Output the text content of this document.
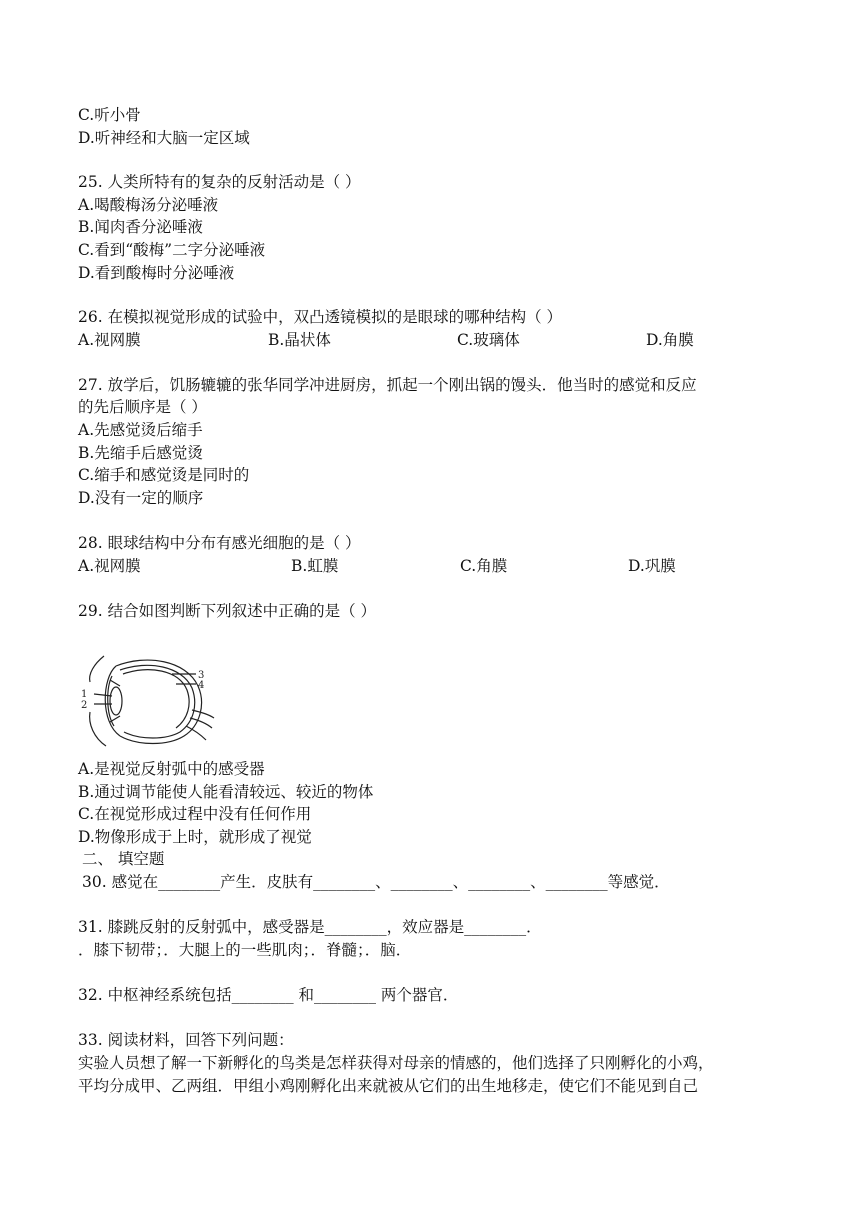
C.听小骨
D.听神经和大脑一定区域
25. 人类所特有的复杂的反射活动是（ ）
A.喝酸梅汤分泌唾液
B.闻肉香分泌唾液
C.看到“酸梅”二字分泌唾液
D.看到酸梅时分泌唾液
26. 在模拟视觉形成的试验中，双凸透镜模拟的是眼球的哪种结构（ ）
A.视网膜	B.晶状体	C.玻璃体	D.角膜
27. 放学后，饥肠辘辘的张华同学冲进厨房，抓起一个刚出锅的馒头．他当时的感觉和反应
的先后顺序是（ ）
A.先感觉烫后缩手
B.先缩手后感觉烫
C.缩手和感觉烫是同时的
D.没有一定的顺序
28. 眼球结构中分布有感光细胞的是（ ）
A.视网膜	B.虹膜	C.角膜	D.巩膜
29. 结合如图判断下列叙述中正确的是（ ）
1
2
3
4
A.是视觉反射弧中的感受器
B.通过调节能使人能看清较远、较近的物体
C.在视觉形成过程中没有任何作用
D.物像形成于上时，就形成了视觉
二、 填空题
30. 感觉在________产生．皮肤有________、________、________、________等感觉．
31. 膝跳反射的反射弧中，感受器是________，效应器是________．
．膝下韧带；．大腿上的一些肌肉；．脊髓；．脑．
32. 中枢神经系统包括________ 和________ 两个器官．
33. 阅读材料，回答下列问题：
实验人员想了解一下新孵化的鸟类是怎样获得对母亲的情感的，他们选择了只刚孵化的小鸡，
平均分成甲、乙两组．甲组小鸡刚孵化出来就被从它们的出生地移走，使它们不能见到自己
